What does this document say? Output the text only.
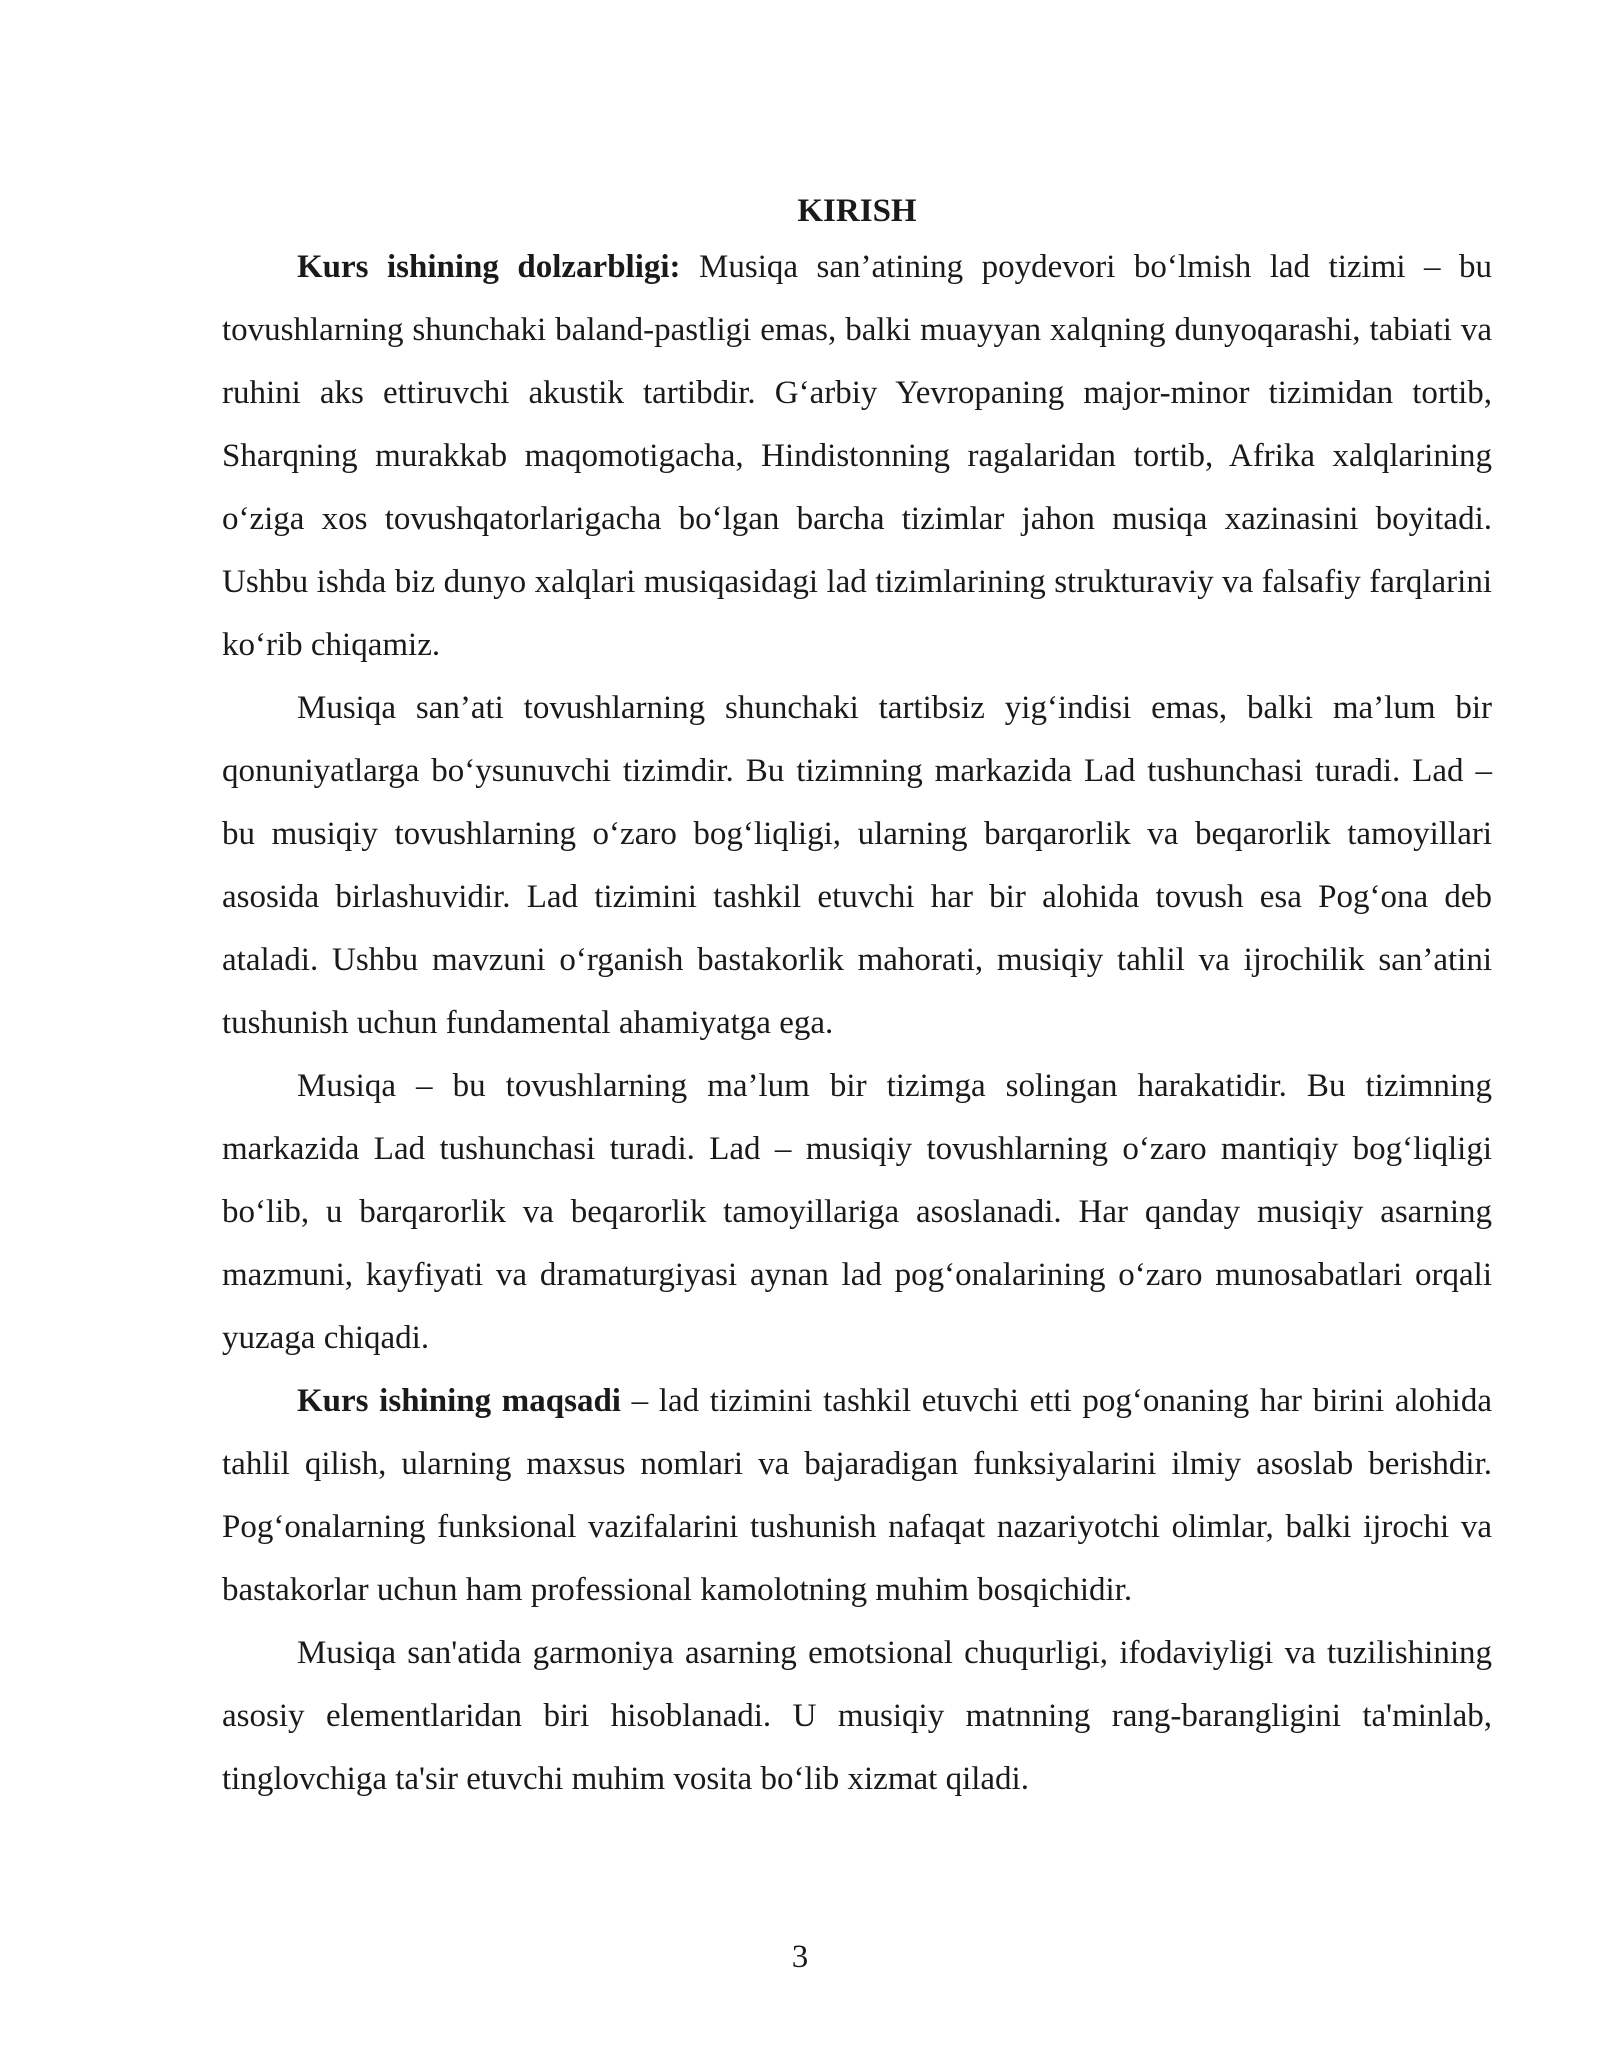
KIRISH

Kurs ishining dolzarbligi: Musiqa san’atining poydevori bo‘lmish lad tizimi – bu tovushlarning shunchaki baland-pastligi emas, balki muayyan xalqning dunyoqarashi, tabiati va ruhini aks ettiruvchi akustik tartibdir. G‘arbiy Yevropaning major-minor tizimidan tortib, Sharqning murakkab maqomotigacha, Hindistonning ragalaridan tortib, Afrika xalqlarining o‘ziga xos tovushqatorlarigacha bo‘lgan barcha tizimlar jahon musiqa xazinasini boyitadi. Ushbu ishda biz dunyo xalqlari musiqasidagi lad tizimlarining strukturaviy va falsafiy farqlarini ko‘rib chiqamiz.

Musiqa san’ati tovushlarning shunchaki tartibsiz yig‘indisi emas, balki ma’lum bir qonuniyatlarga bo‘ysunuvchi tizimdir. Bu tizimning markazida Lad tushunchasi turadi. Lad – bu musiqiy tovushlarning o‘zaro bog‘liqligi, ularning barqarorlik va beqarorlik tamoyillari asosida birlashuvidir. Lad tizimini tashkil etuvchi har bir alohida tovush esa Pog‘ona deb ataladi. Ushbu mavzuni o‘rganish bastakorlik mahorati, musiqiy tahlil va ijrochilik san’atini tushunish uchun fundamental ahamiyatga ega.

Musiqa – bu tovushlarning ma’lum bir tizimga solingan harakatidir. Bu tizimning markazida Lad tushunchasi turadi. Lad – musiqiy tovushlarning o‘zaro mantiqiy bog‘liqligi bo‘lib, u barqarorlik va beqarorlik tamoyillariga asoslanadi. Har qanday musiqiy asarning mazmuni, kayfiyati va dramaturgiyasi aynan lad pog‘onalarining o‘zaro munosabatlari orqali yuzaga chiqadi.

Kurs ishining maqsadi – lad tizimini tashkil etuvchi etti pog‘onaning har birini alohida tahlil qilish, ularning maxsus nomlari va bajaradigan funksiyalarini ilmiy asoslab berishdir. Pog‘onalarning funksional vazifalarini tushunish nafaqat nazariyotchi olimlar, balki ijrochi va bastakorlar uchun ham professional kamolotning muhim bosqichidir.

Musiqa san'atida garmoniya asarning emotsional chuqurligi, ifodaviyligi va tuzilishining asosiy elementlaridan biri hisoblanadi. U musiqiy matnning rang-barangligini ta'minlab, tinglovchiga ta'sir etuvchi muhim vosita bo‘lib xizmat qiladi.

3
